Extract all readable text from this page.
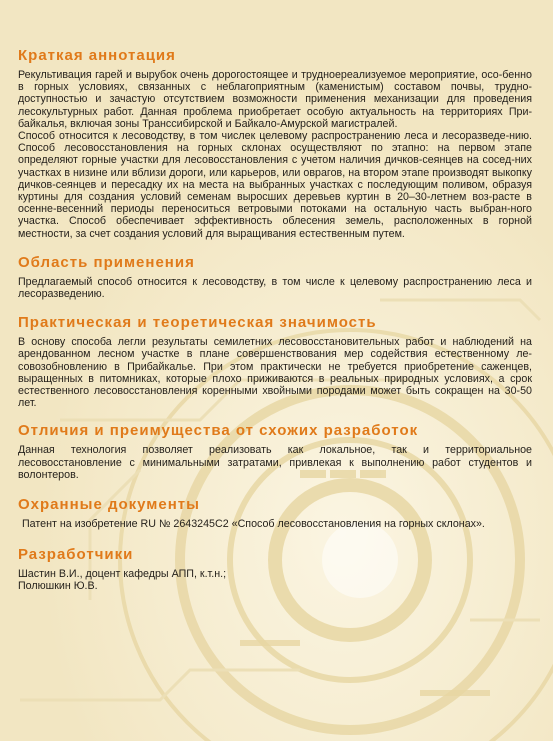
Краткая аннотация

Рекультивация гарей и вырубок очень дорогостоящее и трудноереализуемое мероприятие, осо-бенно в горных условиях, связанных с неблагоприятным (каменистым) составом почвы, трудно-доступностью и зачастую отсутствием возможности применения механизации для проведения лесокультурных работ. Данная проблема приобретает особую актуальность на территориях При-байкалья, включая зоны Транссибирской и Байкало-Амурской магистралей.

Способ относится к лесоводству, в том числек целевому распространению леса и лесоразведе-нию. Способ лесовосстановления на горных склонах осуществляют по этапно: на первом этапе определяют горные участки для лесовосстановления с учетом наличия дичков-сеянцев на сосед-них участках в низине или вблизи дороги, или карьеров, или оврагов, на втором этапе производят выкопку дичков-сеянцев и пересадку их на места на выбранных участках с последующим поливом, образуя куртины для создания условий семенам выросших деревьев куртин в 20–30-летнем воз-расте в осенне-весенний периоды переноситься ветровыми потоками на остальную часть выбран-ного участка. Способ обеспечивает эффективность облесения земель, расположенных в горной местности, за счет создания условий для выращивания естественным путем.

Область применения

Предлагаемый способ относится к лесоводству, в том числе к целевому распространению леса и лесоразведению.

Практическая и теоретическая значимость

В основу способа легли результаты семилетних лесовосстановительных работ и наблюдений на арендованном лесном участке в плане совершенствования мер содействия естественному ле-совозобновлению в Прибайкалье. При этом практически не требуется приобретение саженцев, выращенных в питомниках, которые плохо приживаются в реальных природных условиях, а срок естественного лесовосстановления коренными хвойными породами может быть сокращен на 30-50 лет.

Отличия и преимущества от схожих разработок

Данная технология позволяет реализовать как локальное, так и территориальное лесовосстановление с минимальными затратами, привлекая к выполнению работ студентов и волонтеров.

Охранные документы

Патент на изобретение RU № 2643245С2 «Способ лесовосстановления на горных склонах».

Разработчики

Шастин В.И., доцент кафедры АПП, к.т.н.;

Полюшкин Ю.В.
